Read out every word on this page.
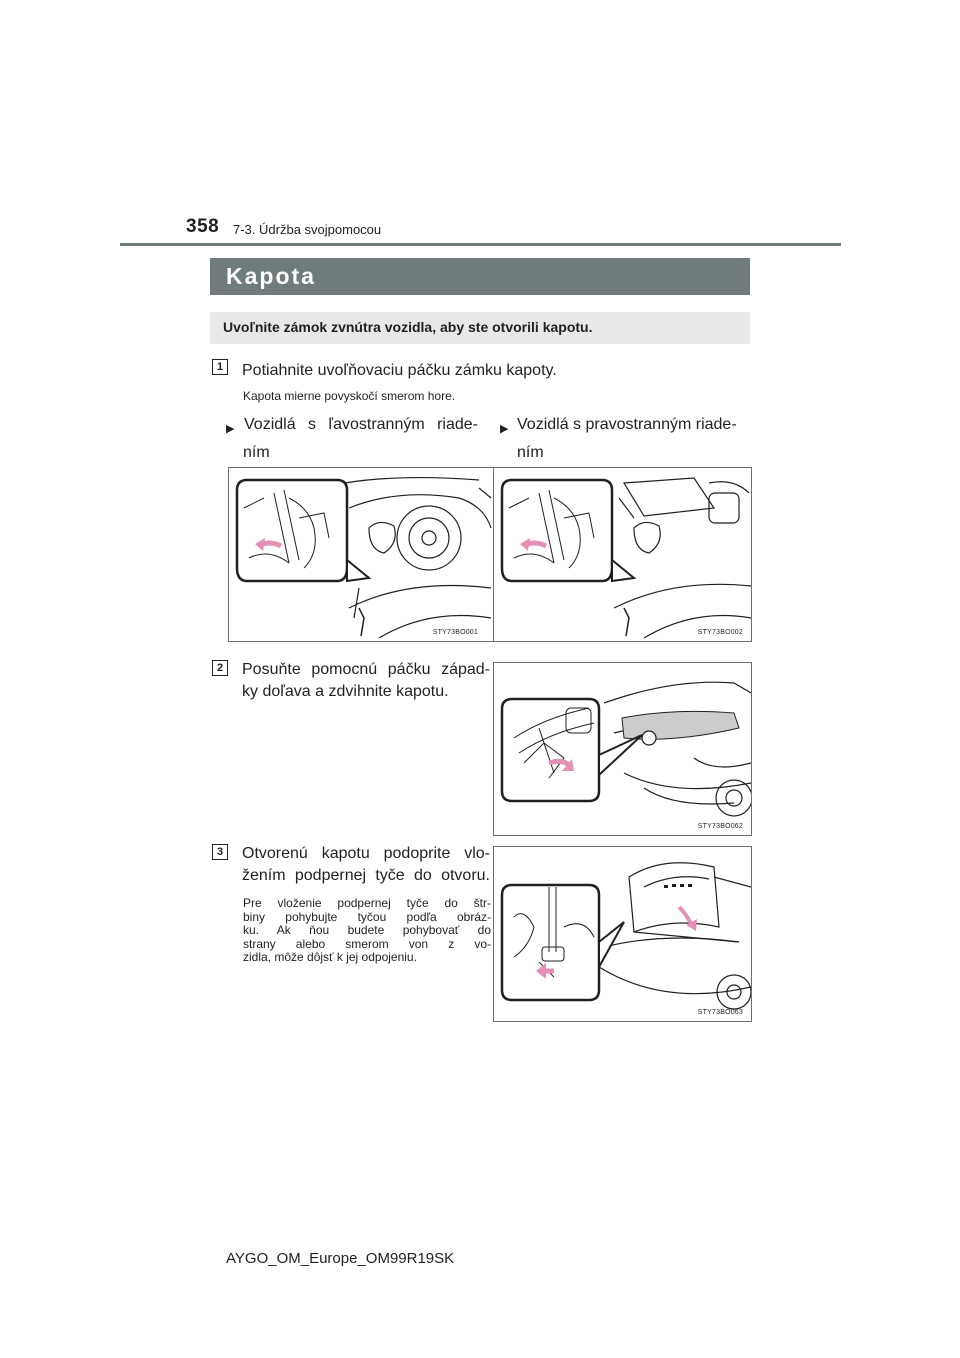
358 7-3. Údržba svojpomocou
Kapota
Uvoľnite zámok zvnútra vozidla, aby ste otvorili kapotu.
1	Potiahnite uvoľňovaciu páčku zámku kapoty.
Kapota mierne povyskočí smerom hore.
▶ Vozidlá s ľavostranným riade-
ním
▶ Vozidlá s pravostranným riade-
ním
STY73BO001	STY73BO002
2	Posuňte pomocnú páčku západ-
ky doľava a zdvihnite kapotu.
STY73BO062
3	Otvorenú kapotu podoprite vlo-
žením podpernej tyče do otvoru.
Pre vloženie podpernej tyče do štr-
biny pohybujte tyčou podľa obráz-
ku. Ak ňou budete pohybovať do
strany alebo smerom von z vo-
zidla, môže dôjsť k jej odpojeniu.
STY73BO063
AYGO_OM_Europe_OM99R19SK
